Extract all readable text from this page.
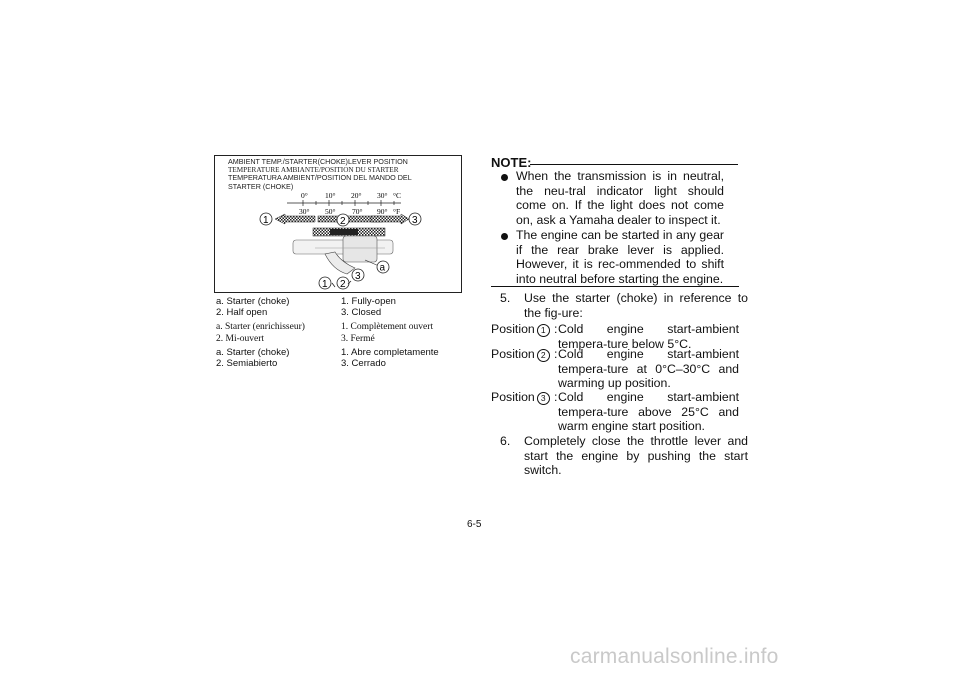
AMBIENT TEMP./STARTER(CHOKE)LEVER POSITION
TEMPERATURE AMBIANTE/POSITION DU STARTER
TEMPERATURA AMBIENT/POSITION DEL MANDO DEL
STARTER (CHOKE)
0° 10° 20° 30° °C
30° 50° 70° 90° °F
1	2	3
a
3
2
1
a. Starter (choke)	1. Fully-open
2. Half open	3. Closed
a. Starter (enrichisseur)	1. Complètement ouvert
2. Mi-ouvert	3. Fermé
a. Starter (choke)	1. Abre completamente
2. Semiabierto	3. Cerrado
NOTE:
When the transmission is in neutral, the neu-tral indicator light should come on. If the light does not come on, ask a Yamaha dealer to inspect it.
The engine can be started in any gear if the rear brake lever is applied. However, it is rec-ommended to shift into neutral before starting the engine.
5. Use the starter (choke) in reference to the fig-ure:
Position 1 : Cold engine start-ambient tempera-ture below 5°C.
Position 2 : Cold engine start-ambient tempera-ture at 0°C–30°C and warming up position.
Position 3 : Cold engine start-ambient tempera-ture above 25°C and warm engine start position.
6. Completely close the throttle lever and start the engine by pushing the start switch.
6-5
carmanualsonline.info
